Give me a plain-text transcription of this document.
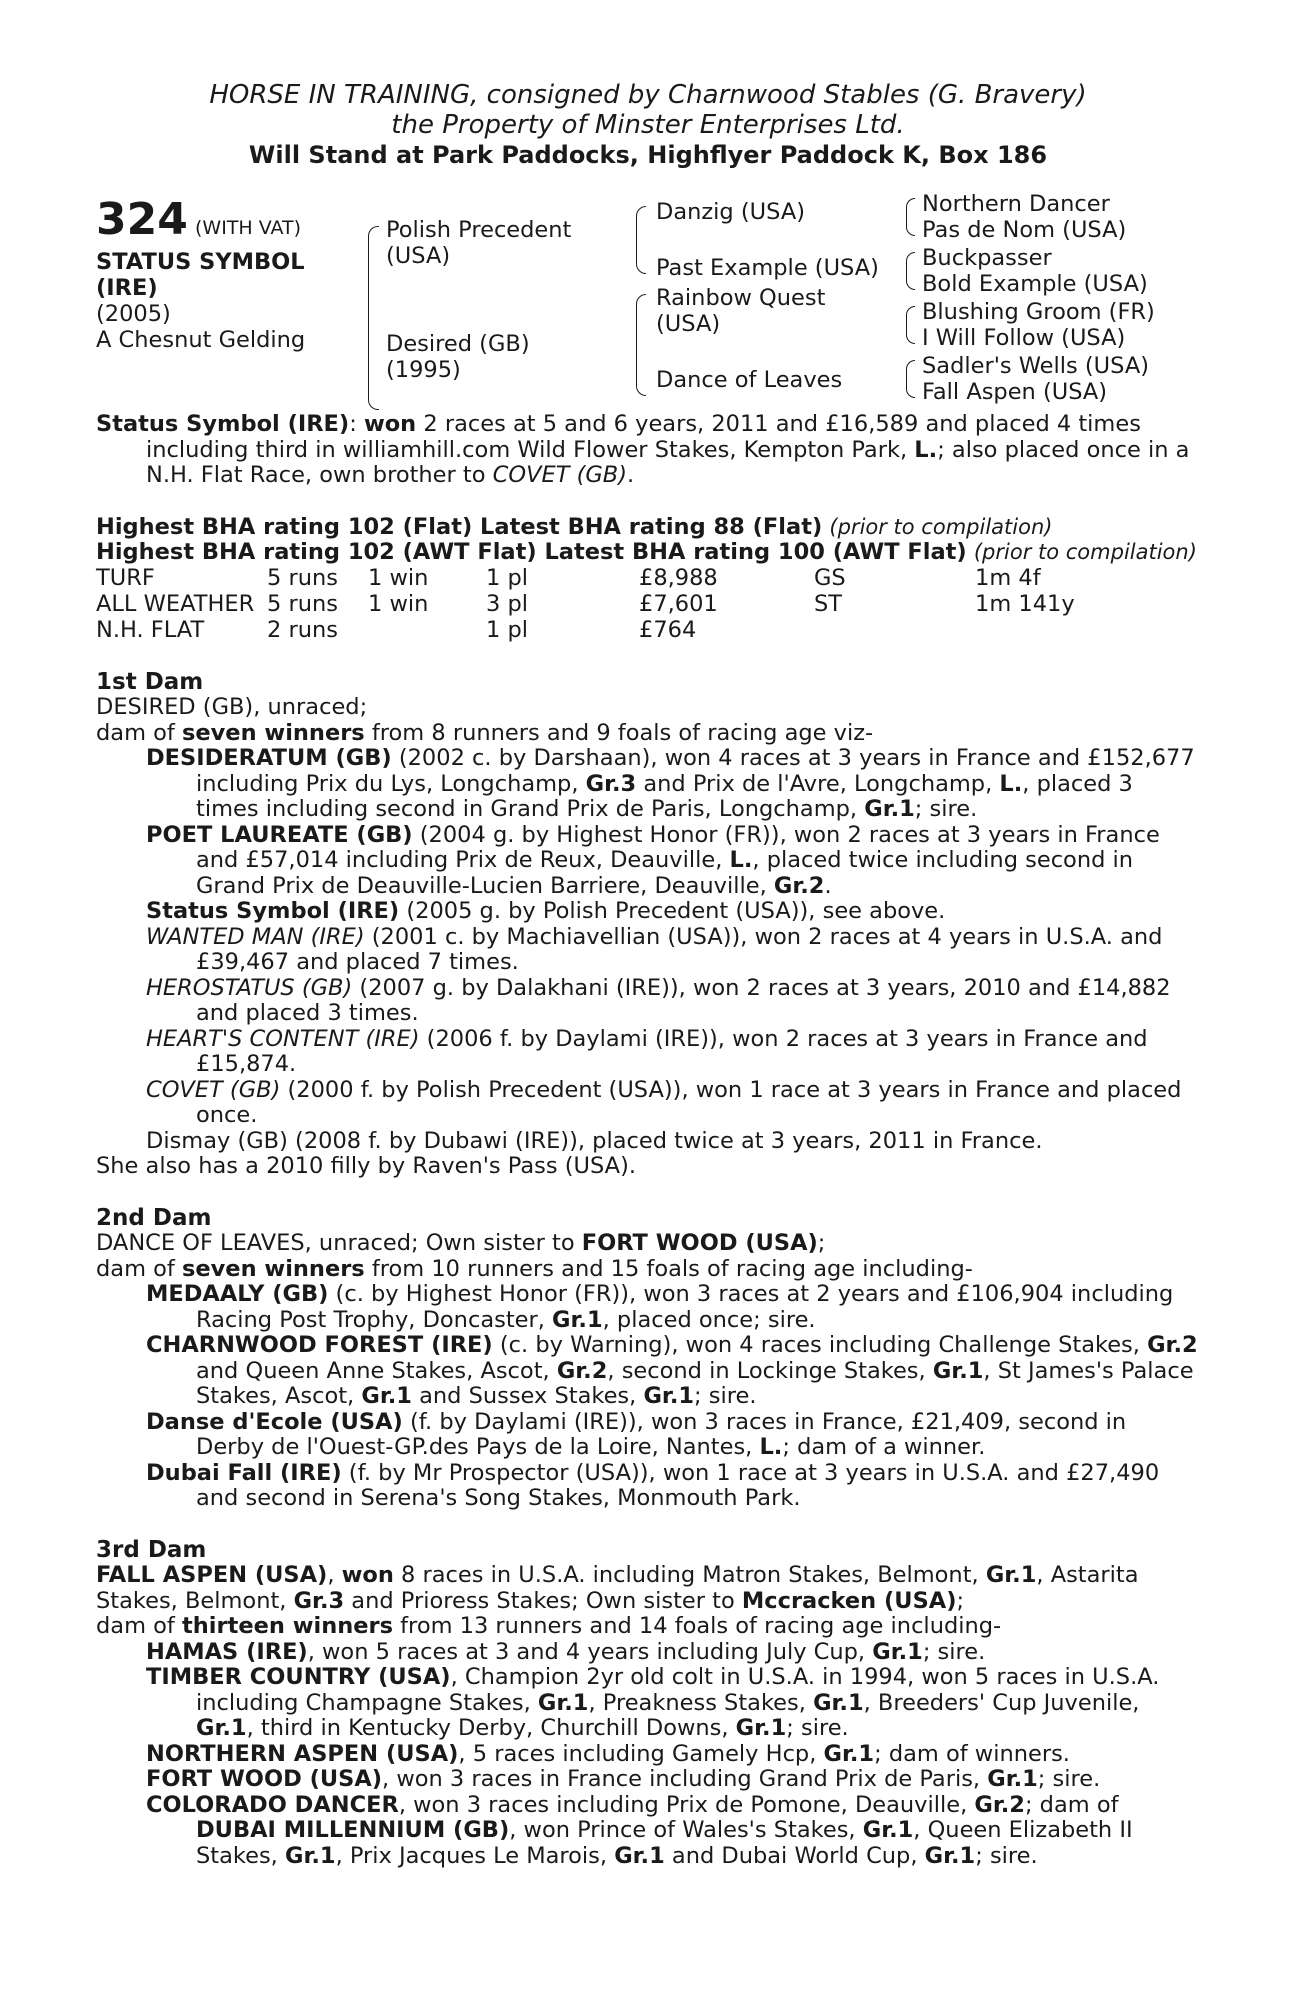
HORSE IN TRAINING, consigned by Charnwood Stables (G. Bravery)
the Property of Minster Enterprises Ltd.
Will Stand at Park Paddocks, Highflyer Paddock K, Box 186
324 (WITH VAT)
STATUS SYMBOL
(IRE)
(2005)
A Chesnut Gelding
Polish Precedent
(USA)
Desired (GB)
(1995)
Danzig (USA)
Past Example (USA)
Rainbow Quest
(USA)
Dance of Leaves
Northern Dancer
Pas de Nom (USA)
Buckpasser
Bold Example (USA)
Blushing Groom (FR)
I Will Follow (USA)
Sadler's Wells (USA)
Fall Aspen (USA)
Status Symbol (IRE): won 2 races at 5 and 6 years, 2011 and £16,589 and placed 4 times including third in williamhill.com Wild Flower Stakes, Kempton Park, L.; also placed once in a N.H. Flat Race, own brother to COVET (GB).
Highest BHA rating 102 (Flat) Latest BHA rating 88 (Flat) (prior to compilation)
Highest BHA rating 102 (AWT Flat) Latest BHA rating 100 (AWT Flat) (prior to compilation)
TURF	5 runs 1 win	1 pl	£8,988	GS	1m 4f
ALL WEATHER 5 runs 1 win	3 pl	£7,601	ST	1m 141y
N.H. FLAT	2 runs	1 pl	£764
1st Dam
DESIRED (GB), unraced;
dam of seven winners from 8 runners and 9 foals of racing age viz-
DESIDERATUM (GB) (2002 c. by Darshaan), won 4 races at 3 years in France and £152,677 including Prix du Lys, Longchamp, Gr.3 and Prix de l'Avre, Longchamp, L., placed 3 times including second in Grand Prix de Paris, Longchamp, Gr.1; sire.
POET LAUREATE (GB) (2004 g. by Highest Honor (FR)), won 2 races at 3 years in France and £57,014 including Prix de Reux, Deauville, L., placed twice including second in Grand Prix de Deauville-Lucien Barriere, Deauville, Gr.2.
Status Symbol (IRE) (2005 g. by Polish Precedent (USA)), see above.
WANTED MAN (IRE) (2001 c. by Machiavellian (USA)), won 2 races at 4 years in U.S.A. and £39,467 and placed 7 times.
HEROSTATUS (GB) (2007 g. by Dalakhani (IRE)), won 2 races at 3 years, 2010 and £14,882 and placed 3 times.
HEART'S CONTENT (IRE) (2006 f. by Daylami (IRE)), won 2 races at 3 years in France and £15,874.
COVET (GB) (2000 f. by Polish Precedent (USA)), won 1 race at 3 years in France and placed once.
Dismay (GB) (2008 f. by Dubawi (IRE)), placed twice at 3 years, 2011 in France.
She also has a 2010 filly by Raven's Pass (USA).
2nd Dam
DANCE OF LEAVES, unraced; Own sister to FORT WOOD (USA);
dam of seven winners from 10 runners and 15 foals of racing age including-
MEDAALY (GB) (c. by Highest Honor (FR)), won 3 races at 2 years and £106,904 including Racing Post Trophy, Doncaster, Gr.1, placed once; sire.
CHARNWOOD FOREST (IRE) (c. by Warning), won 4 races including Challenge Stakes, Gr.2 and Queen Anne Stakes, Ascot, Gr.2, second in Lockinge Stakes, Gr.1, St James's Palace Stakes, Ascot, Gr.1 and Sussex Stakes, Gr.1; sire.
Danse d'Ecole (USA) (f. by Daylami (IRE)), won 3 races in France, £21,409, second in Derby de l'Ouest-GP.des Pays de la Loire, Nantes, L.; dam of a winner.
Dubai Fall (IRE) (f. by Mr Prospector (USA)), won 1 race at 3 years in U.S.A. and £27,490 and second in Serena's Song Stakes, Monmouth Park.
3rd Dam
FALL ASPEN (USA), won 8 races in U.S.A. including Matron Stakes, Belmont, Gr.1, Astarita Stakes, Belmont, Gr.3 and Prioress Stakes; Own sister to Mccracken (USA);
dam of thirteen winners from 13 runners and 14 foals of racing age including-
HAMAS (IRE), won 5 races at 3 and 4 years including July Cup, Gr.1; sire.
TIMBER COUNTRY (USA), Champion 2yr old colt in U.S.A. in 1994, won 5 races in U.S.A. including Champagne Stakes, Gr.1, Preakness Stakes, Gr.1, Breeders' Cup Juvenile, Gr.1, third in Kentucky Derby, Churchill Downs, Gr.1; sire.
NORTHERN ASPEN (USA), 5 races including Gamely Hcp, Gr.1; dam of winners.
FORT WOOD (USA), won 3 races in France including Grand Prix de Paris, Gr.1; sire.
COLORADO DANCER, won 3 races including Prix de Pomone, Deauville, Gr.2; dam of
DUBAI MILLENNIUM (GB), won Prince of Wales's Stakes, Gr.1, Queen Elizabeth II Stakes, Gr.1, Prix Jacques Le Marois, Gr.1 and Dubai World Cup, Gr.1; sire.
